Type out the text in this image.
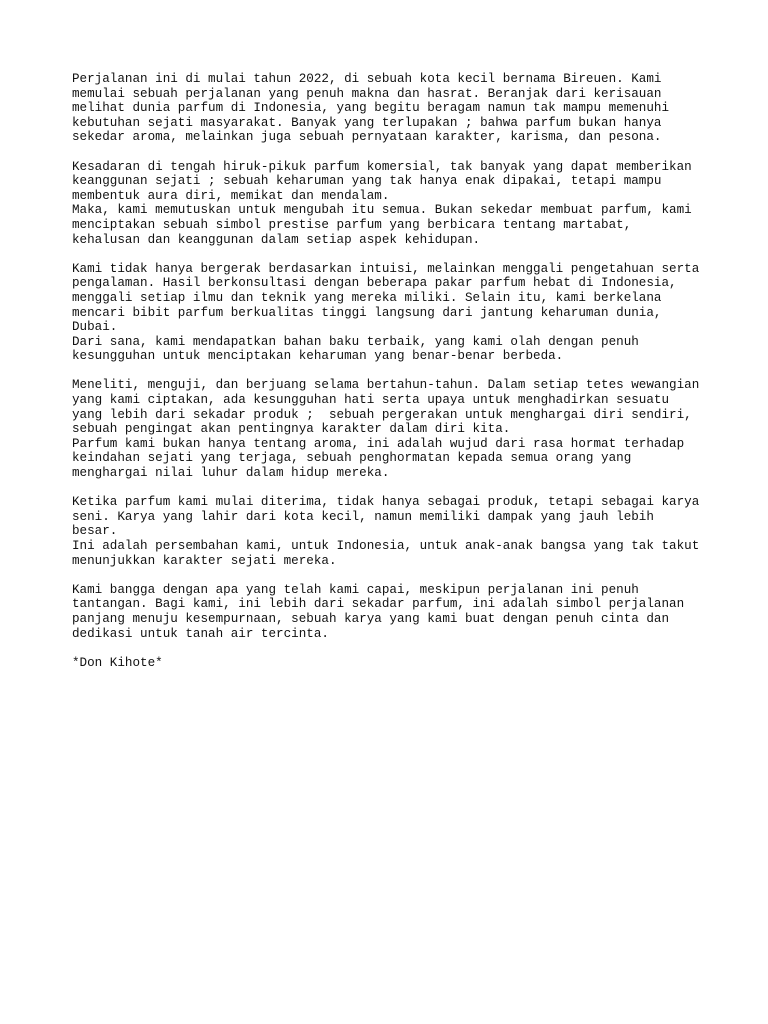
Perjalanan ini di mulai tahun 2022, di sebuah kota kecil bernama Bireuen. Kami
memulai sebuah perjalanan yang penuh makna dan hasrat. Beranjak dari kerisauan
melihat dunia parfum di Indonesia, yang begitu beragam namun tak mampu memenuhi
kebutuhan sejati masyarakat. Banyak yang terlupakan ; bahwa parfum bukan hanya
sekedar aroma, melainkan juga sebuah pernyataan karakter, karisma, dan pesona.
Kesadaran di tengah hiruk-pikuk parfum komersial, tak banyak yang dapat memberikan
keanggunan sejati ; sebuah keharuman yang tak hanya enak dipakai, tetapi mampu
membentuk aura diri, memikat dan mendalam.
Maka, kami memutuskan untuk mengubah itu semua. Bukan sekedar membuat parfum, kami
menciptakan sebuah simbol prestise parfum yang berbicara tentang martabat,
kehalusan dan keanggunan dalam setiap aspek kehidupan.
Kami tidak hanya bergerak berdasarkan intuisi, melainkan menggali pengetahuan serta
pengalaman. Hasil berkonsultasi dengan beberapa pakar parfum hebat di Indonesia,
menggali setiap ilmu dan teknik yang mereka miliki. Selain itu, kami berkelana
mencari bibit parfum berkualitas tinggi langsung dari jantung keharuman dunia,
Dubai.
Dari sana, kami mendapatkan bahan baku terbaik, yang kami olah dengan penuh
kesungguhan untuk menciptakan keharuman yang benar-benar berbeda.
Meneliti, menguji, dan berjuang selama bertahun-tahun. Dalam setiap tetes wewangian
yang kami ciptakan, ada kesungguhan hati serta upaya untuk menghadirkan sesuatu
yang lebih dari sekadar produk ;  sebuah pergerakan untuk menghargai diri sendiri,
sebuah pengingat akan pentingnya karakter dalam diri kita.
Parfum kami bukan hanya tentang aroma, ini adalah wujud dari rasa hormat terhadap
keindahan sejati yang terjaga, sebuah penghormatan kepada semua orang yang
menghargai nilai luhur dalam hidup mereka.
Ketika parfum kami mulai diterima, tidak hanya sebagai produk, tetapi sebagai karya
seni. Karya yang lahir dari kota kecil, namun memiliki dampak yang jauh lebih
besar.
Ini adalah persembahan kami, untuk Indonesia, untuk anak-anak bangsa yang tak takut
menunjukkan karakter sejati mereka.
Kami bangga dengan apa yang telah kami capai, meskipun perjalanan ini penuh
tantangan. Bagi kami, ini lebih dari sekadar parfum, ini adalah simbol perjalanan
panjang menuju kesempurnaan, sebuah karya yang kami buat dengan penuh cinta dan
dedikasi untuk tanah air tercinta.
*Don Kihote*
